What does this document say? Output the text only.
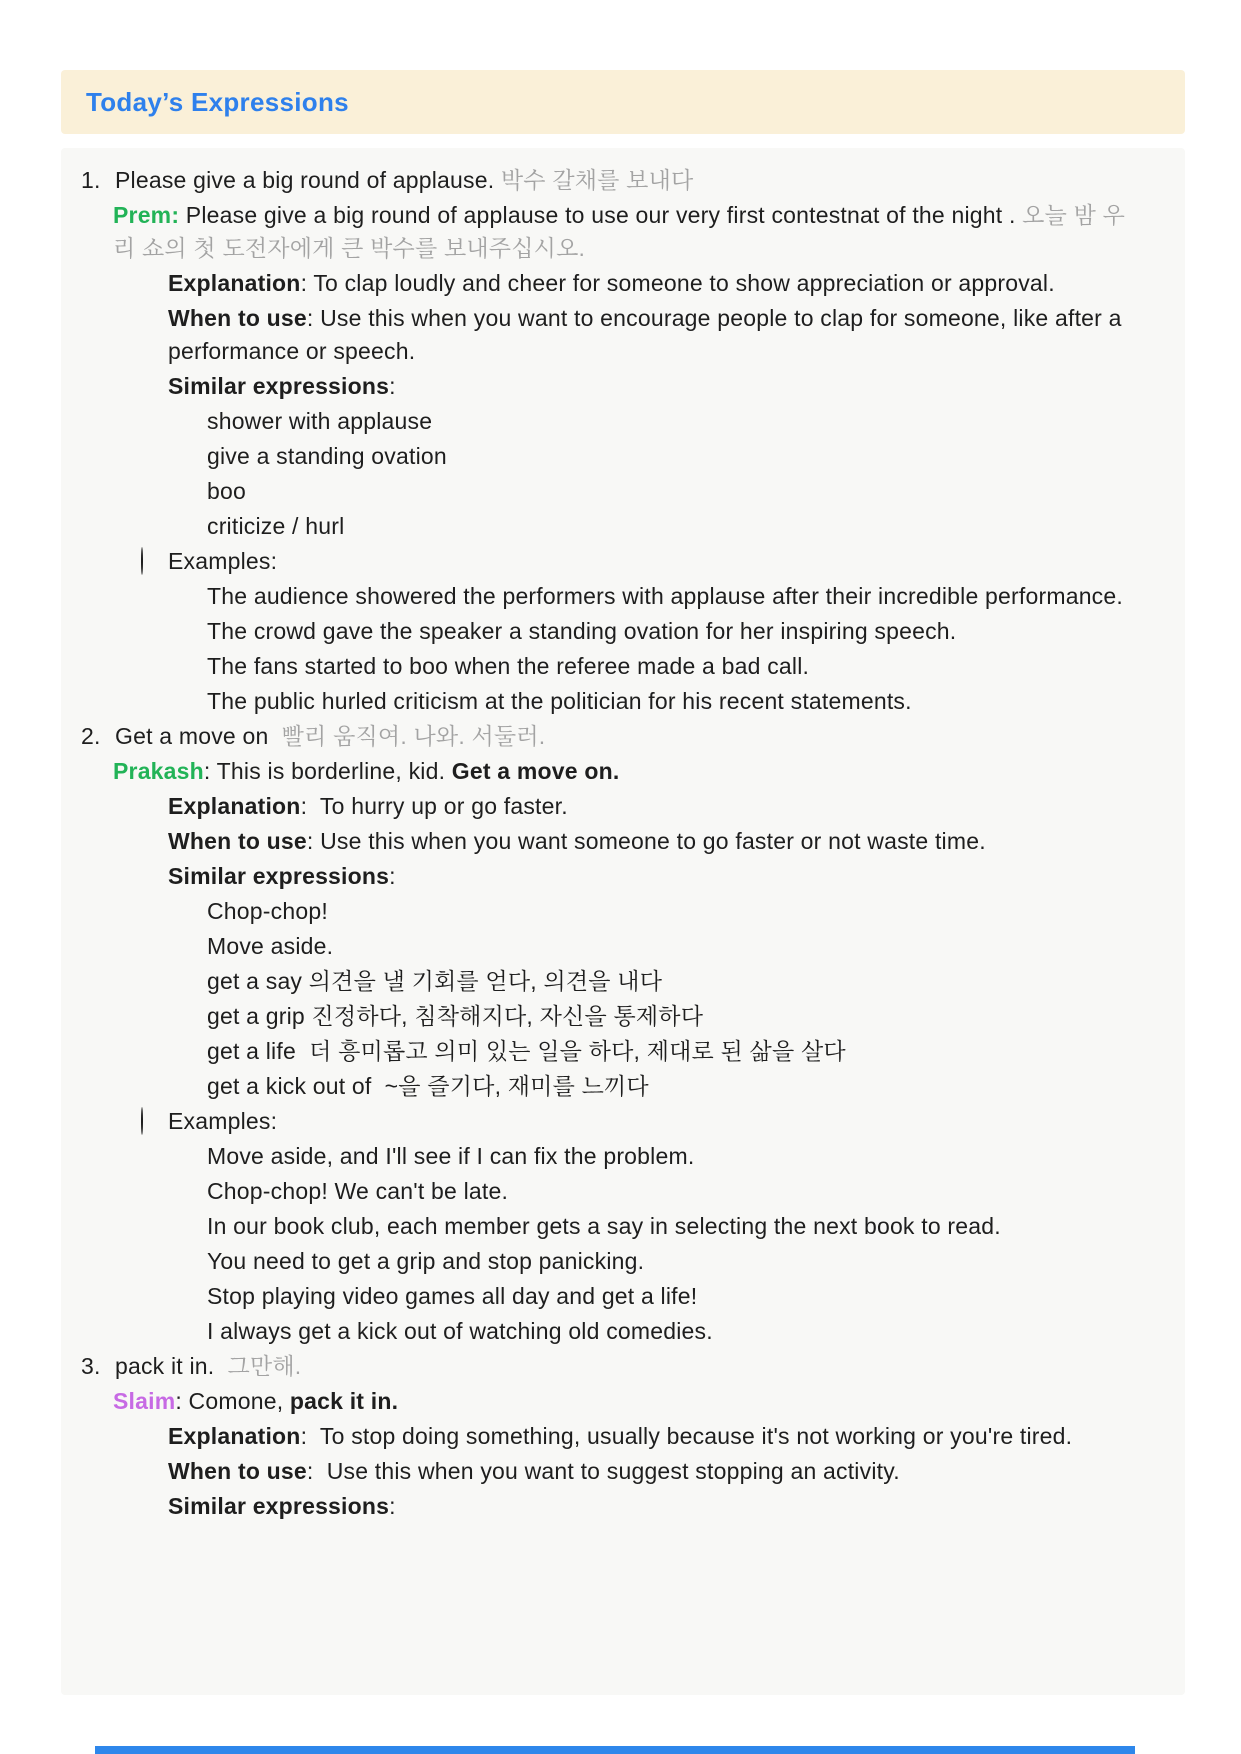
Today’s Expressions
1. Please give a big round of applause. 박수 갈채를 보내다
Prem: Please give a big round of applause to use our very first contestnat of the night . 오늘 밤 우리 쇼의 첫 도전자에게 큰 박수를 보내주십시오.
Explanation: To clap loudly and cheer for someone to show appreciation or approval.
When to use: Use this when you want to encourage people to clap for someone, like after a performance or speech.
Similar expressions:
shower with applause
give a standing ovation
boo
criticize / hurl
Examples:
The audience showered the performers with applause after their incredible performance.
The crowd gave the speaker a standing ovation for her inspiring speech.
The fans started to boo when the referee made a bad call.
The public hurled criticism at the politician for his recent statements.
2. Get a move on  빨리 움직여. 나와. 서둘러.
Prakash: This is borderline, kid. Get a move on.
Explanation:  To hurry up or go faster.
When to use: Use this when you want someone to go faster or not waste time.
Similar expressions:
Chop-chop!
Move aside.
get a say 의견을 낼 기회를 얻다, 의견을 내다
get a grip 진정하다, 침착해지다, 자신을 통제하다
get a life  더 흥미롭고 의미 있는 일을 하다, 제대로 된 삶을 살다
get a kick out of  ~을 즐기다, 재미를 느끼다
Examples:
Move aside, and I'll see if I can fix the problem.
Chop-chop! We can't be late.
In our book club, each member gets a say in selecting the next book to read.
You need to get a grip and stop panicking.
Stop playing video games all day and get a life!
I always get a kick out of watching old comedies.
3. pack it in.  그만해.
Slaim: Comone, pack it in.
Explanation:  To stop doing something, usually because it's not working or you're tired.
When to use:  Use this when you want to suggest stopping an activity.
Similar expressions:
